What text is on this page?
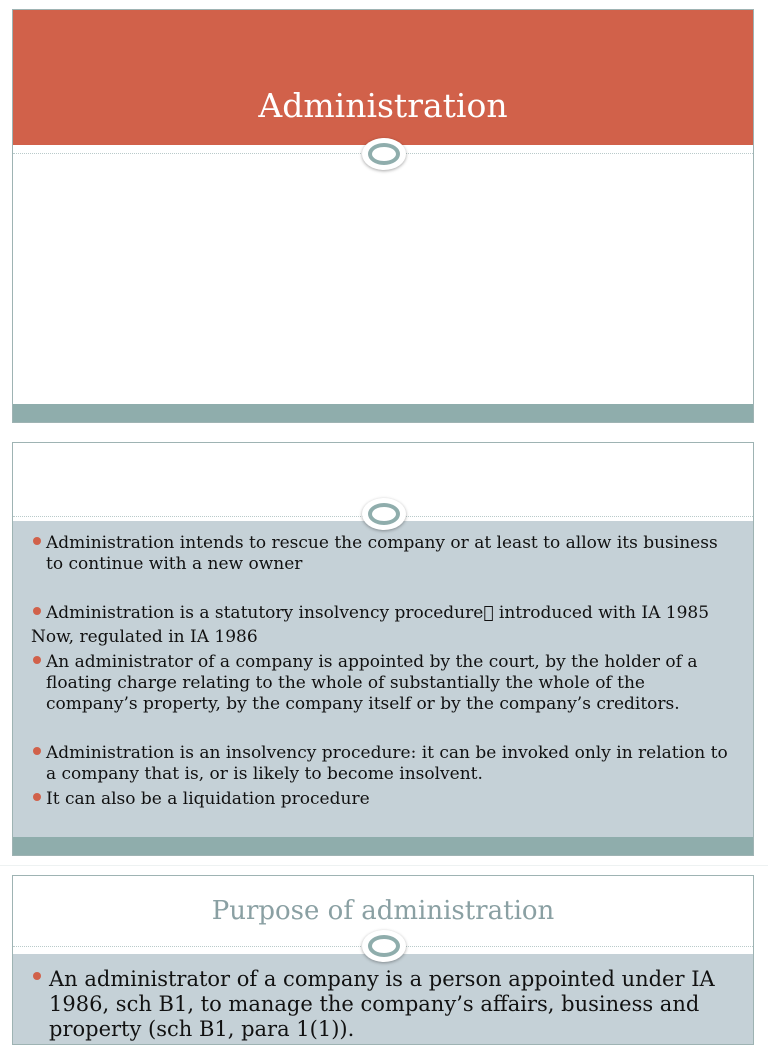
Administration
Administration intends to rescue the company or at least to allow its business to continue with a new owner
Administration is a statutory insolvency procedure  introduced with IA 1985
Now, regulated in IA 1986
An administrator of a company is appointed by the court, by the holder of a floating charge relating to the whole of substantially the whole of the company’s property, by the company itself or by the company’s creditors.
Administration is an insolvency procedure: it can be invoked only in relation to a company that is, or is likely to become insolvent.
It can also be a liquidation procedure
Purpose of administration
An administrator of a company is a person appointed under IA 1986, sch B1, to manage the company’s affairs, business and property (sch B1, para 1(1)).
